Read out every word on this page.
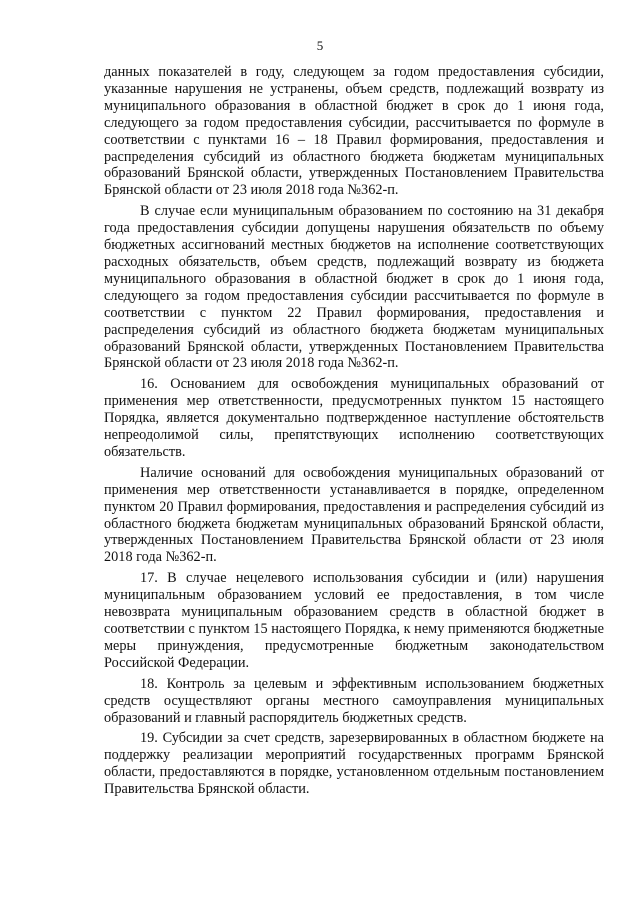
5

данных показателей в году, следующем за годом предоставления субсидии, указанные нарушения не устранены, объем средств, подлежащий возврату из муниципального образования в областной бюджет в срок до 1 июня года, следующего за годом предоставления субсидии, рассчитывается по формуле в соответствии с пунктами 16 – 18 Правил формирования, предоставления и распределения субсидий из областного бюджета бюджетам муниципальных образований Брянской области, утвержденных Постановлением Правительства Брянской области от 23 июля 2018 года №362-п.

В случае если муниципальным образованием по состоянию на 31 декабря года предоставления субсидии допущены нарушения обязательств по объему бюджетных ассигнований местных бюджетов на исполнение соответствующих расходных обязательств, объем средств, подлежащий возврату из бюджета муниципального образования в областной бюджет в срок до 1 июня года, следующего за годом предоставления субсидии рассчитывается по формуле в соответствии с пунктом 22 Правил формирования, предоставления и распределения субсидий из областного бюджета бюджетам муниципальных образований Брянской области, утвержденных Постановлением Правительства Брянской области от 23 июля 2018 года №362-п.

16. Основанием для освобождения муниципальных образований от применения мер ответственности, предусмотренных пунктом 15 настоящего Порядка, является документально подтвержденное наступление обстоятельств непреодолимой силы, препятствующих исполнению соответствующих обязательств.

Наличие оснований для освобождения муниципальных образований от применения мер ответственности устанавливается в порядке, определенном пунктом 20 Правил формирования, предоставления и распределения субсидий из областного бюджета бюджетам муниципальных образований Брянской области, утвержденных Постановлением Правительства Брянской области от 23 июля 2018 года №362-п.

17. В случае нецелевого использования субсидии и (или) нарушения муниципальным образованием условий ее предоставления, в том числе невозврата муниципальным образованием средств в областной бюджет в соответствии с пунктом 15 настоящего Порядка, к нему применяются бюджетные меры принуждения, предусмотренные бюджетным законодательством Российской Федерации.

18. Контроль за целевым и эффективным использованием бюджетных средств осуществляют органы местного самоуправления муниципальных образований и главный распорядитель бюджетных средств.

19. Субсидии за счет средств, зарезервированных в областном бюджете на поддержку реализации мероприятий государственных программ Брянской области, предоставляются в порядке, установленном отдельным постановлением Правительства Брянской области.
